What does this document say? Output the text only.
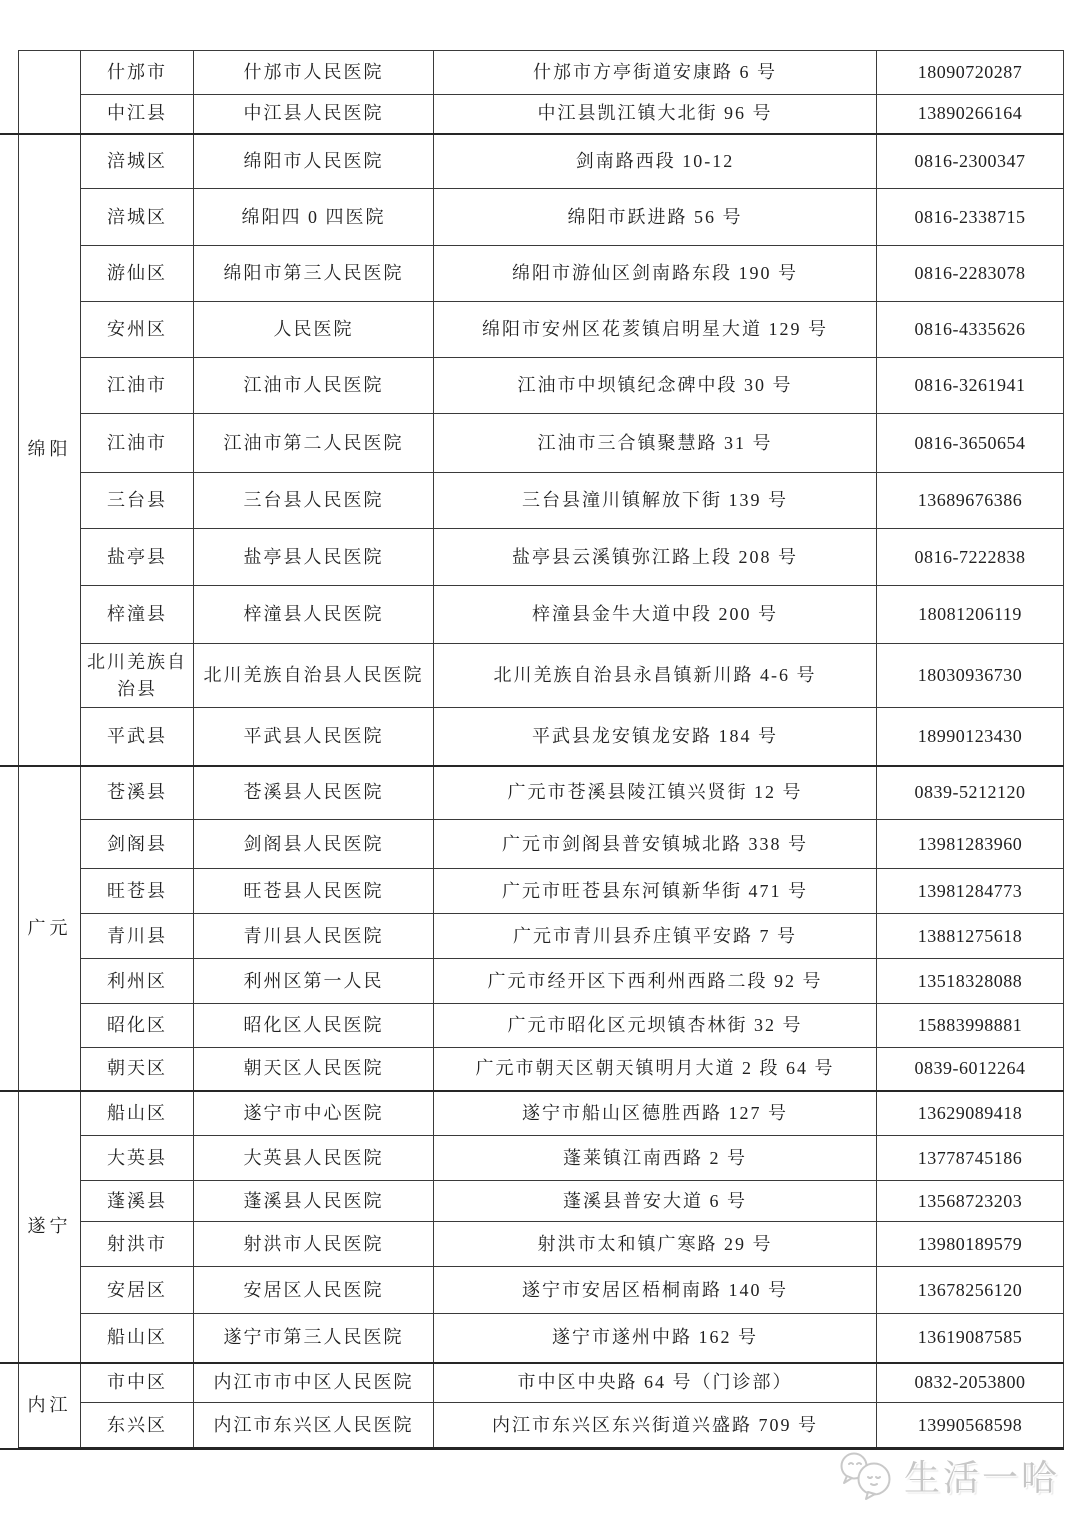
	什邡市	什邡市人民医院	什邡市方亭街道安康路 6 号	18090720287
	中江县	中江县人民医院	中江县凯江镇大北街 96 号	13890266164
绵阳	涪城区	绵阳市人民医院	剑南路西段 10-12	0816-2300347
	涪城区	绵阳四 0 四医院	绵阳市跃进路 56 号	0816-2338715
	游仙区	绵阳市第三人民医院	绵阳市游仙区剑南路东段 190 号	0816-2283078
	安州区	人民医院	绵阳市安州区花荄镇启明星大道 129 号	0816-4335626
	江油市	江油市人民医院	江油市中坝镇纪念碑中段 30 号	0816-3261941
	江油市	江油市第二人民医院	江油市三合镇聚慧路 31 号	0816-3650654
	三台县	三台县人民医院	三台县潼川镇解放下街 139 号	13689676386
	盐亭县	盐亭县人民医院	盐亭县云溪镇弥江路上段 208 号	0816-7222838
	梓潼县	梓潼县人民医院	梓潼县金牛大道中段 200 号	18081206119
	北川羌族自治县	北川羌族自治县人民医院	北川羌族自治县永昌镇新川路 4-6 号	18030936730
	平武县	平武县人民医院	平武县龙安镇龙安路 184 号	18990123430
广元	苍溪县	苍溪县人民医院	广元市苍溪县陵江镇兴贤街 12 号	0839-5212120
	剑阁县	剑阁县人民医院	广元市剑阁县普安镇城北路 338 号	13981283960
	旺苍县	旺苍县人民医院	广元市旺苍县东河镇新华街 471 号	13981284773
	青川县	青川县人民医院	广元市青川县乔庄镇平安路 7 号	13881275618
	利州区	利州区第一人民	广元市经开区下西利州西路二段 92 号	13518328088
	昭化区	昭化区人民医院	广元市昭化区元坝镇杏林街 32 号	15883998881
	朝天区	朝天区人民医院	广元市朝天区朝天镇明月大道 2 段 64 号	0839-6012264
遂宁	船山区	遂宁市中心医院	遂宁市船山区德胜西路 127 号	13629089418
	大英县	大英县人民医院	蓬莱镇江南西路 2 号	13778745186
	蓬溪县	蓬溪县人民医院	蓬溪县普安大道 6 号	13568723203
	射洪市	射洪市人民医院	射洪市太和镇广寒路 29 号	13980189579
	安居区	安居区人民医院	遂宁市安居区梧桐南路 140 号	13678256120
	船山区	遂宁市第三人民医院	遂宁市遂州中路 162 号	13619087585
内江	市中区	内江市市中区人民医院	市中区中央路 64 号（门诊部）	0832-2053800
	东兴区	内江市东兴区人民医院	内江市东兴区东兴街道兴盛路 709 号	13990568598
生活一哈
